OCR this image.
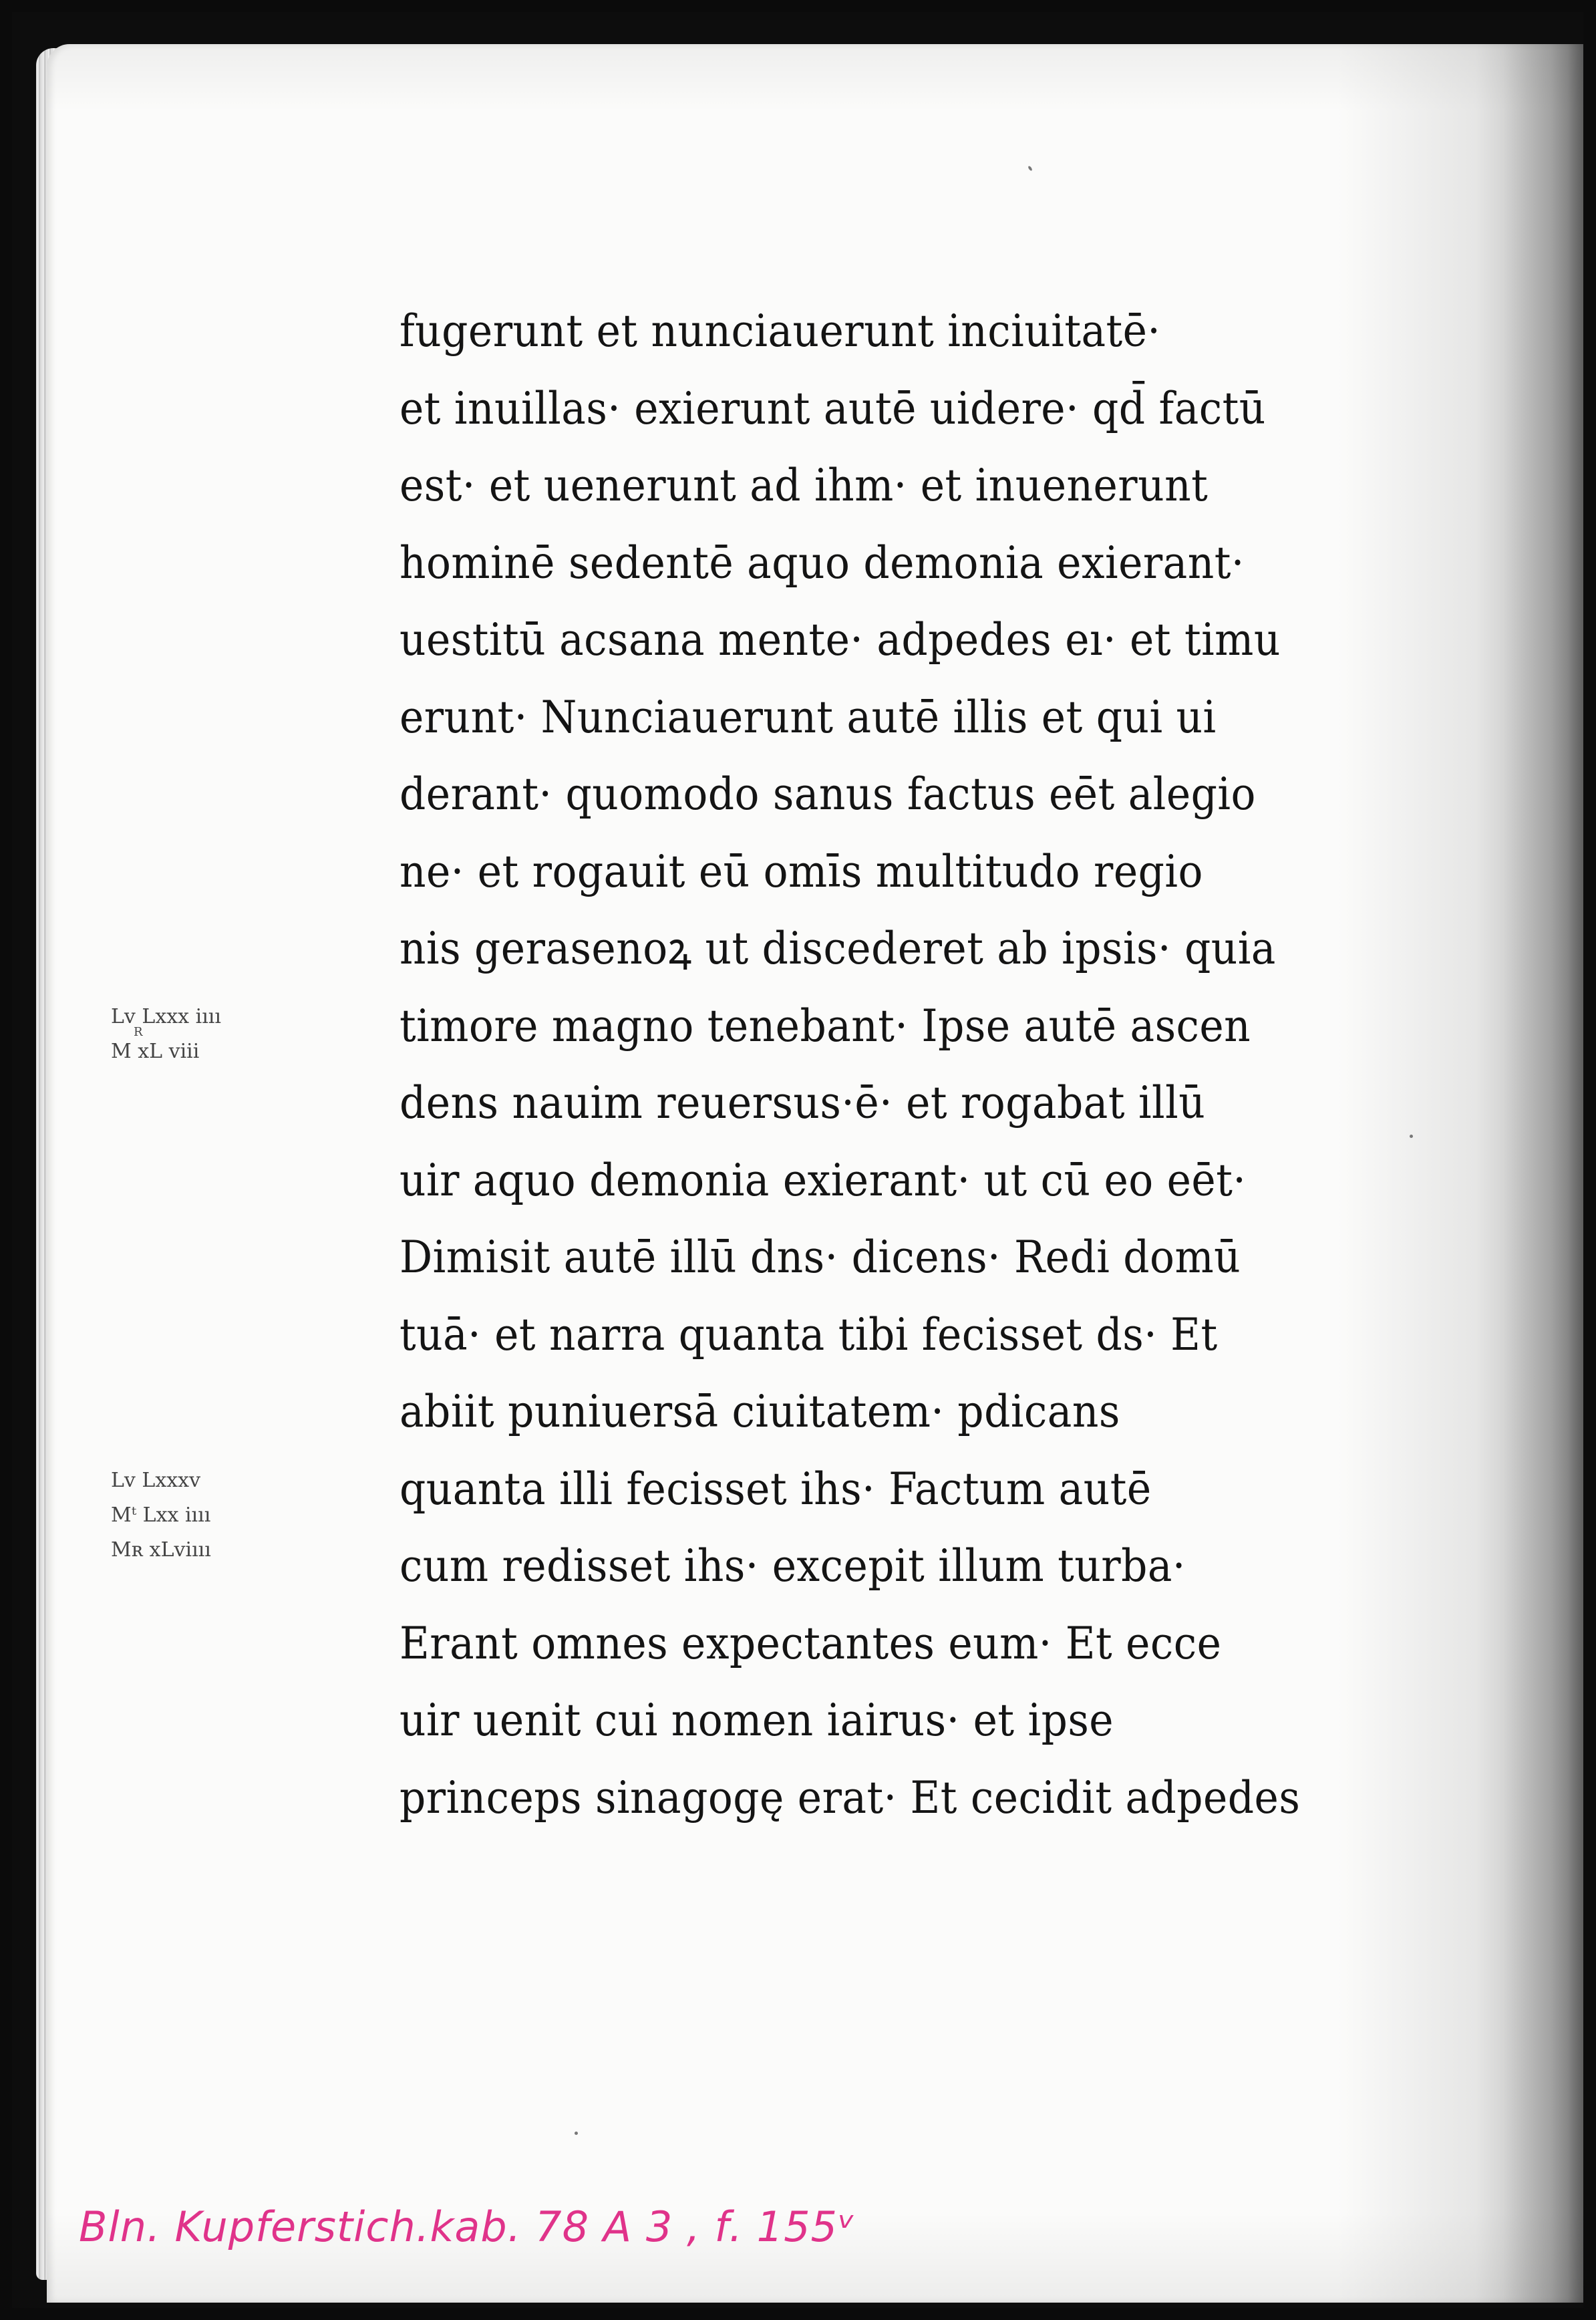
fugerunt et nunciauerunt inciuitatē·
et inuillas· exierunt autē uidere· qd̄ factū
est· et uenerunt ad ihm· et inuenerunt
hominē sedentē aquo demonia exierant·
uestitū acsana mente· adpedes eı· et timu
erunt· Nunciauerunt autē illis et qui ui
derant· quomodo sanus factus eēt alegio
ne· et rogauit eū omīs multitudo regio
nis gerasenoꝝ ut discederet ab ipsis· quia
timore magno tenebant· Ipse autē ascen
dens nauim reuersus·ē· et rogabat illū
uir aquo demonia exierant· ut cū eo eēt·
Dimisit autē illū dns· dicens· Redi domū
tuā· et narra quanta tibi fecisset ds· Et
abiit puniuersā ciuitatem· pdicans
quanta illi fecisset ihs· Factum autē
cum redisset ihs· excepit illum turba·
Erant omnes expectantes eum· Et ecce
uir uenit cui nomen iairus· et ipse
princeps sinagogę erat· Et cecidit adpedes
Lᴠ Lxxx iııı
R
M xL viii
Lᴠ Lxxxv
Mᵗ Lxx iııı
Mʀ xLviııı
Bln. Kupferstich.kab. 78 A 3 , f. 155ᵛ
